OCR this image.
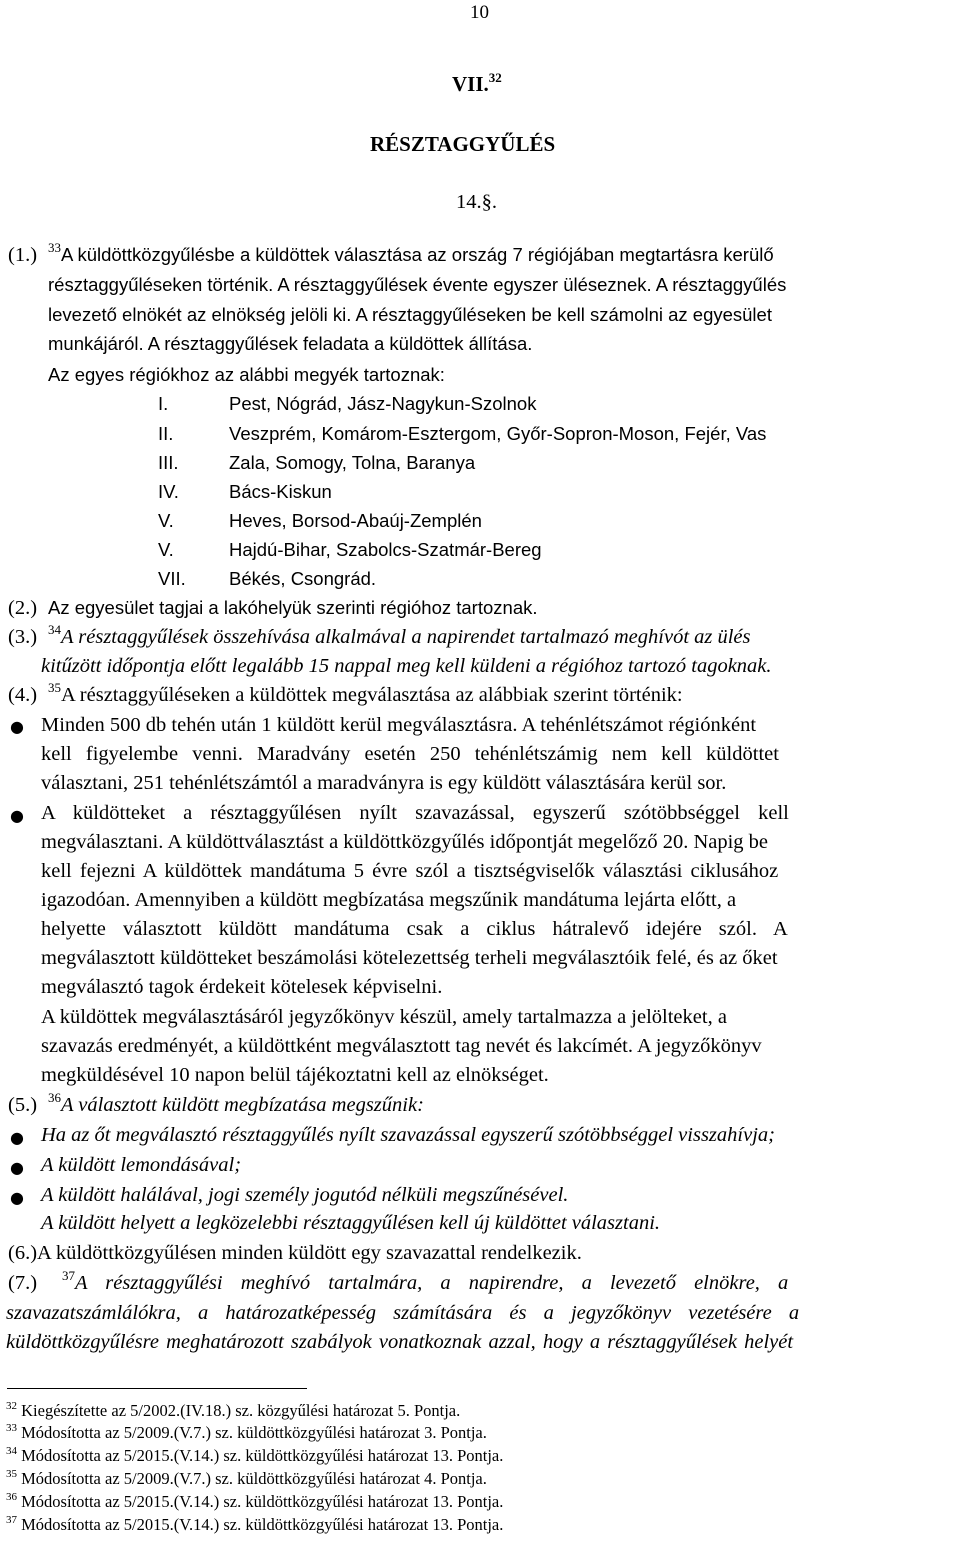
10
VII.$^{32}$
RÉSZTAGGYŰLÉS
14.§.
(1.) $^{33}$A küldöttközgyűlésbe a küldöttek választása az ország 7 régiójában megtartásra kerülő
résztaggyűléseken történik. A résztaggyűlések évente egyszer üléseznek. A résztaggyűlés
levezető elnökét az elnökség jelöli ki. A résztaggyűléseken be kell számolni az egyesület
munkájáról. A résztaggyűlések feladata a küldöttek állítása.
Az egyes régiókhoz az alábbi megyék tartoznak:
I.	Pest, Nógrád, Jász-Nagykun-Szolnok
II.	Veszprém, Komárom-Esztergom, Győr-Sopron-Moson, Fejér, Vas
III.	Zala, Somogy, Tolna, Baranya
IV.	Bács-Kiskun
V.	Heves, Borsod-Abaúj-Zemplén
V.	Hajdú-Bihar, Szabolcs-Szatmár-Bereg
VII. Békés, Csongrád.
(2.) Az egyesület tagjai a lakóhelyük szerinti régióhoz tartoznak.
(3.) $^{34}$A résztaggyűlések összehívása alkalmával a napirendet tartalmazó meghívót az ülés
kitűzött időpontja előtt legalább 15 nappal meg kell küldeni a régióhoz tartozó tagoknak.
(4.) $^{35}$A résztaggyűléseken a küldöttek megválasztása az alábbiak szerint történik:
● Minden 500 db tehén után 1 küldött kerül megválasztásra. A tehénlétszámot régiónként
kell figyelembe venni. Maradvány esetén 250 tehénlétszámig nem kell küldöttet
választani, 251 tehénlétszámtól a maradványra is egy küldött választására kerül sor.
● A küldötteket a résztaggyűlésen nyílt szavazással, egyszerű szótöbbséggel kell
megválasztani. A küldöttválasztást a küldöttközgyűlés időpontját megelőző 20. Napig be
kell fejezni A küldöttek mandátuma 5 évre szól a tisztségviselők választási ciklusához
igazodóan. Amennyiben a küldött megbízatása megszűnik mandátuma lejárta előtt, a
helyette választott küldött mandátuma csak a ciklus hátralevő idejére szól. A
megválasztott küldötteket beszámolási kötelezettség terheli megválasztóik felé, és az őket
megválasztó tagok érdekeit kötelesek képviselni.
A küldöttek megválasztásáról jegyzőkönyv készül, amely tartalmazza a jelölteket, a
szavazás eredményét, a küldöttként megválasztott tag nevét és lakcímét. A jegyzőkönyv
megküldésével 10 napon belül tájékoztatni kell az elnökséget.
(5.) $^{36}$A választott küldött megbízatása megszűnik:
● Ha az őt megválasztó résztaggyűlés nyílt szavazással egyszerű szótöbbséggel visszahívja;
● A küldött lemondásával;
● A küldött halálával, jogi személy jogutód nélküli megszűnésével.
A küldött helyett a legközelebbi résztaggyűlésen kell új küldöttet választani.
(6.)A küldöttközgyűlésen minden küldött egy szavazattal rendelkezik.
(7.) $^{37}$A résztaggyűlési meghívó tartalmára, a napirendre, a levezető elnökre, a
szavazatszámlálókra, a határozatképesség számítására és a jegyzőkönyv vezetésére a
küldöttközgyűlésre meghatározott szabályok vonatkoznak azzal, hogy a résztaggyűlések helyét
$^{32}$ Kiegészítette az 5/2002.(IV.18.) sz. közgyűlési határozat 5. Pontja.
$^{33}$ Módosította az 5/2009.(V.7.) sz. küldöttközgyűlési határozat 3. Pontja.
$^{34}$ Módosította az 5/2015.(V.14.) sz. küldöttközgyűlési határozat 13. Pontja.
$^{35}$ Módosította az 5/2009.(V.7.) sz. küldöttközgyűlési határozat 4. Pontja.
$^{36}$ Módosította az 5/2015.(V.14.) sz. küldöttközgyűlési határozat 13. Pontja.
$^{37}$ Módosította az 5/2015.(V.14.) sz. küldöttközgyűlési határozat 13. Pontja.
